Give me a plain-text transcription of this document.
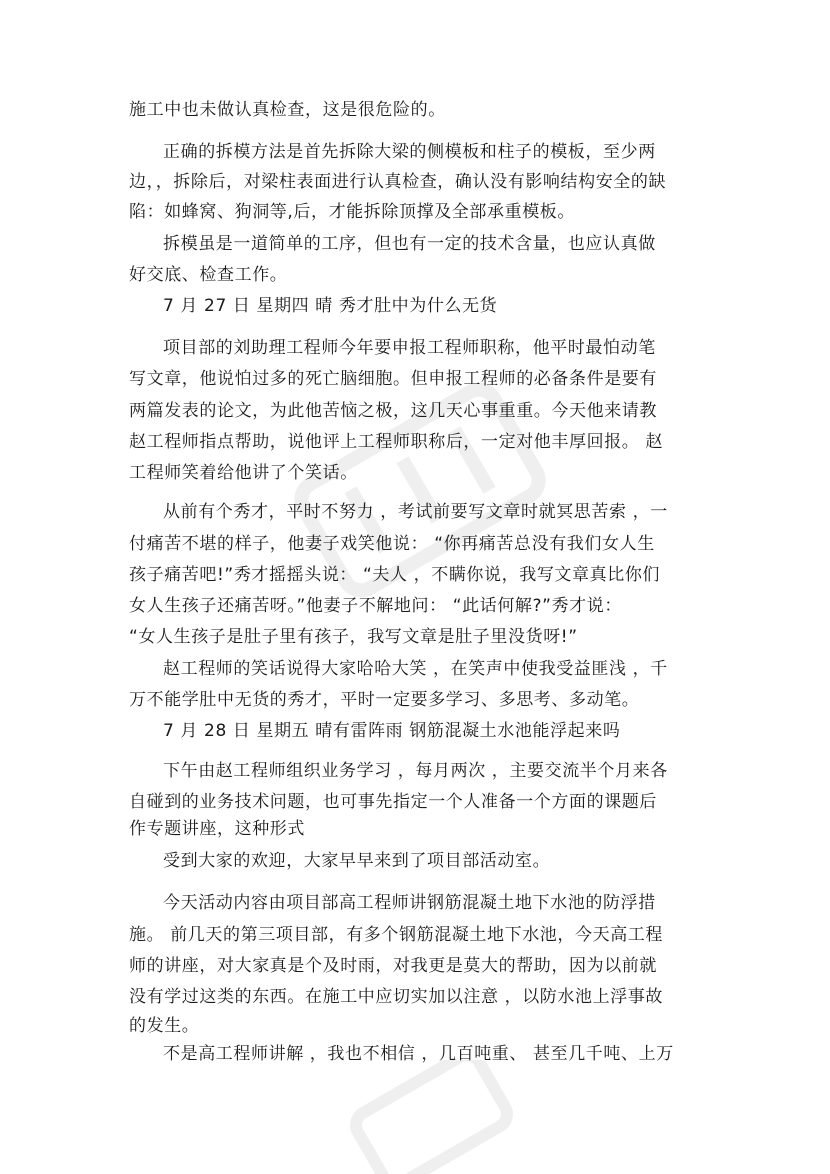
施工中也未做认真检查，这是很危险的。
正确的拆模方法是首先拆除大梁的侧模板和柱子的模板，至少两
边，，拆除后，对梁柱表面进行认真检查，确认没有影响结构安全的缺
陷：如蜂窝、狗洞等,后，才能拆除顶撑及全部承重模板。
拆模虽是一道简单的工序，但也有一定的技术含量，也应认真做
好交底、检查工作。
7 月 27 日 星期四 晴 秀才肚中为什么无货
项目部的刘助理工程师今年要申报工程师职称，他平时最怕动笔
写文章，他说怕过多的死亡脑细胞。但申报工程师的必备条件是要有
两篇发表的论文，为此他苦恼之极，这几天心事重重。今天他来请教
赵工程师指点帮助，说他评上工程师职称后，一定对他丰厚回报。 赵
工程师笑着给他讲了个笑话。
从前有个秀才，平时不努力 ，考试前要写文章时就冥思苦索 ，一
付痛苦不堪的样子，他妻子戏笑他说： “你再痛苦总没有我们女人生
孩子痛苦吧!”秀才摇摇头说： “夫人 ，不瞒你说，我写文章真比你们
女人生孩子还痛苦呀。”他妻子不解地问： “此话何解?”秀才说：
“女人生孩子是肚子里有孩子，我写文章是肚子里没货呀!”
赵工程师的笑话说得大家哈哈大笑 ，在笑声中使我受益匪浅 ，千
万不能学肚中无货的秀才，平时一定要多学习、多思考、多动笔。
7 月 28 日 星期五 晴有雷阵雨 钢筋混凝土水池能浮起来吗
下午由赵工程师组织业务学习 ，每月两次 ，主要交流半个月来各
自碰到的业务技术问题，也可事先指定一个人准备一个方面的课题后
作专题讲座，这种形式
受到大家的欢迎，大家早早来到了项目部活动室。
今天活动内容由项目部高工程师讲钢筋混凝土地下水池的防浮措
施。 前几天的第三项目部，有多个钢筋混凝土地下水池，今天高工程
师的讲座，对大家真是个及时雨，对我更是莫大的帮助，因为以前就
没有学过这类的东西。在施工中应切实加以注意 ，以防水池上浮事故
的发生。
不是高工程师讲解 ，我也不相信 ，几百吨重、 甚至几千吨、上万
